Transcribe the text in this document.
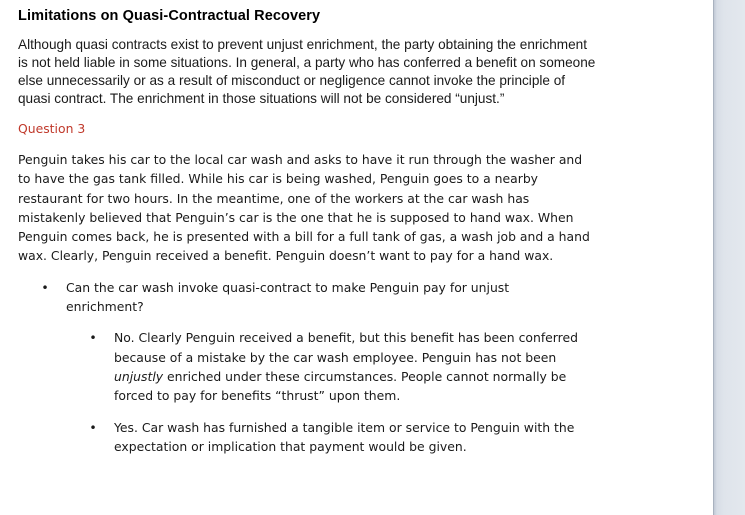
Limitations on Quasi-Contractual Recovery

Although quasi contracts exist to prevent unjust enrichment, the party obtaining the enrichment is not held liable in some situations. In general, a party who has conferred a benefit on someone else unnecessarily or as a result of misconduct or negligence cannot invoke the principle of quasi contract. The enrichment in those situations will not be considered “unjust.”

Question 3

Penguin takes his car to the local car wash and asks to have it run through the washer and to have the gas tank filled. While his car is being washed, Penguin goes to a nearby restaurant for two hours. In the meantime, one of the workers at the car wash has mistakenly believed that Penguin’s car is the one that he is supposed to hand wax. When Penguin comes back, he is presented with a bill for a full tank of gas, a wash job and a hand wax. Clearly, Penguin received a benefit. Penguin doesn’t want to pay for a hand wax.

• Can the car wash invoke quasi-contract to make Penguin pay for unjust enrichment?
• No. Clearly Penguin received a benefit, but this benefit has been conferred because of a mistake by the car wash employee. Penguin has not been unjustly enriched under these circumstances. People cannot normally be forced to pay for benefits “thrust” upon them.
• Yes. Car wash has furnished a tangible item or service to Penguin with the expectation or implication that payment would be given.
